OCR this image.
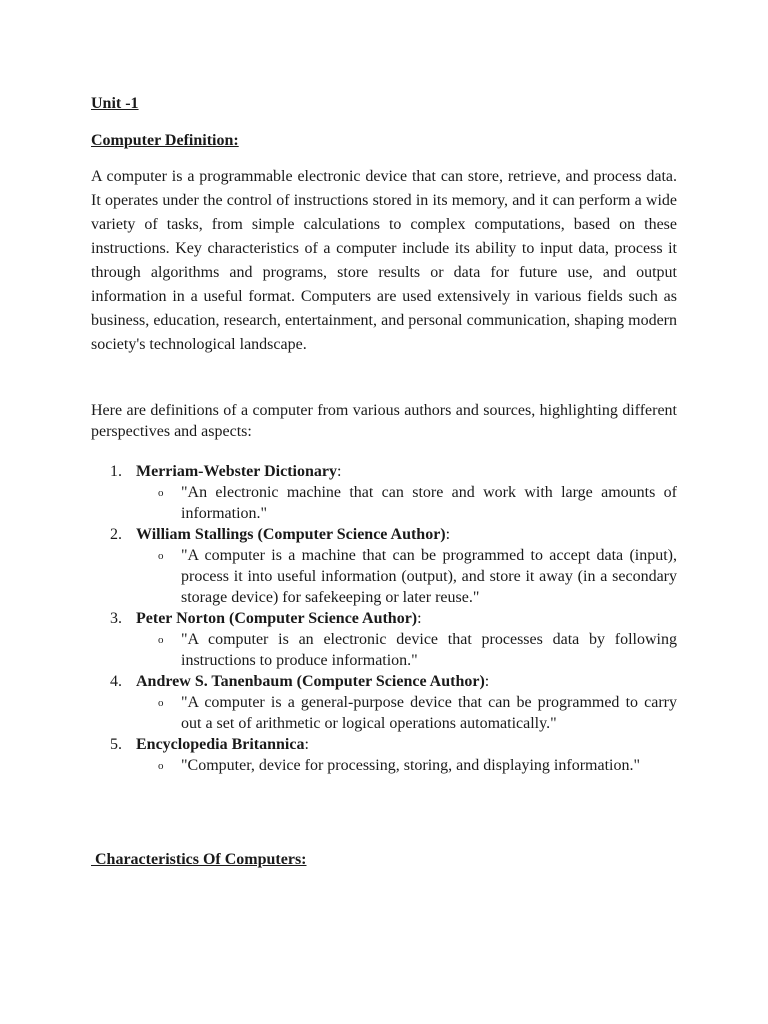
Unit -1
Computer Definition:

A computer is a programmable electronic device that can store, retrieve, and process data. It operates under the control of instructions stored in its memory, and it can perform a wide variety of tasks, from simple calculations to complex computations, based on these instructions. Key characteristics of a computer include its ability to input data, process it through algorithms and programs, store results or data for future use, and output information in a useful format. Computers are used extensively in various fields such as business, education, research, entertainment, and personal communication, shaping modern society's technological landscape.

Here are definitions of a computer from various authors and sources, highlighting different perspectives and aspects:

1. Merriam-Webster Dictionary:
o "An electronic machine that can store and work with large amounts of information."
2. William Stallings (Computer Science Author):
o "A computer is a machine that can be programmed to accept data (input), process it into useful information (output), and store it away (in a secondary storage device) for safekeeping or later reuse."
3. Peter Norton (Computer Science Author):
o "A computer is an electronic device that processes data by following instructions to produce information."
4. Andrew S. Tanenbaum (Computer Science Author):
o "A computer is a general-purpose device that can be programmed to carry out a set of arithmetic or logical operations automatically."
5. Encyclopedia Britannica:
o "Computer, device for processing, storing, and displaying information."
Characteristics Of Computers:
